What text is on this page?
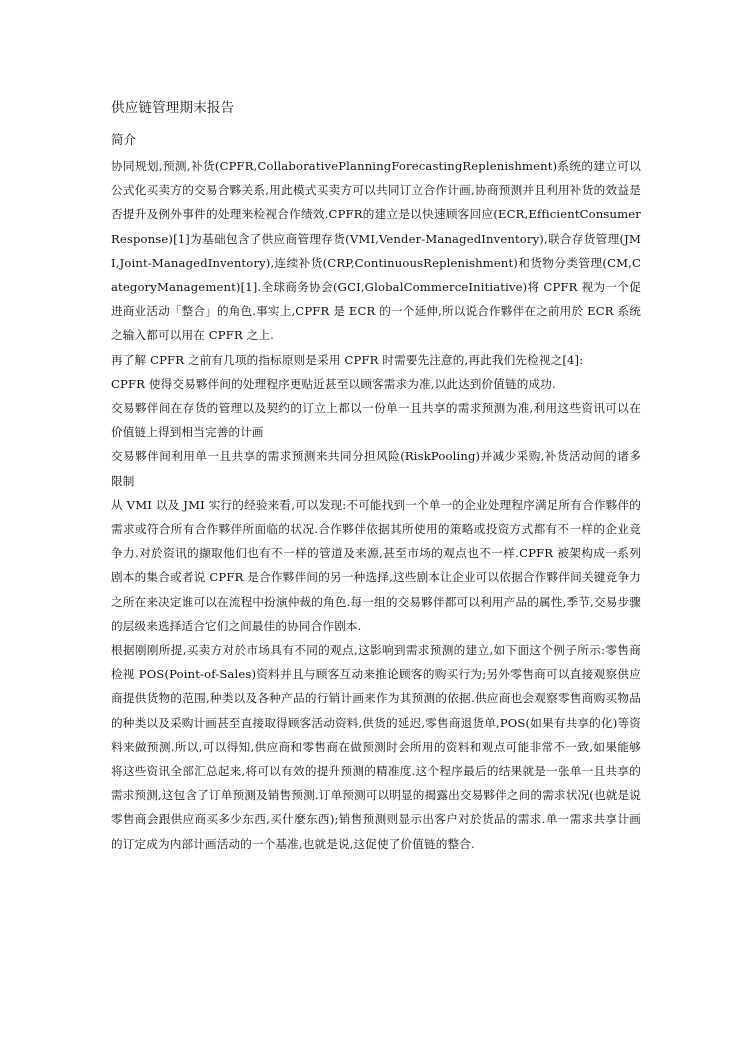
供应链管理期末报告
简介

协同规划,预测,补货(CPFR,CollaborativePlanningForecastingReplenishment)系统的建立可以公式化买卖方的交易合夥关系,用此模式买卖方可以共同订立合作计画,协商预测并且利用补货的效益是否提升及例外事件的处理来检视合作绩效.CPFR的建立是以快速顾客回应(ECR,EfficientConsumerResponse)[1]为基础包含了供应商管理存货(VMI,Vender-ManagedInventory),联合存货管理(JMI,Joint-ManagedInventory),连续补货(CRP,ContinuousReplenishment)和货物分类管理(CM,CategoryManagement)[1].全球商务协会(GCI,GlobalCommerceInitiative)将 CPFR 视为一个促进商业活动「整合」的角色.事实上,CPFR 是 ECR 的一个延伸,所以说合作夥伴在之前用於 ECR 系统之输入都可以用在 CPFR 之上.

再了解 CPFR 之前有几项的指标原则是采用 CPFR 时需要先注意的,再此我们先检视之[4]:

CPFR 使得交易夥伴间的处理程序更贴近甚至以顾客需求为准,以此达到价值链的成功.

交易夥伴间在存货的管理以及契约的订立上都以一份单一且共享的需求预测为准,利用这些资讯可以在价值链上得到相当完善的计画

交易夥伴间利用单一且共享的需求预测来共同分担风险(RiskPooling)并减少采购,补货活动间的诸多限制

从 VMI 以及 JMI 实行的经验来看,可以发现:不可能找到一个单一的企业处理程序满足所有合作夥伴的需求或符合所有合作夥伴所面临的状况.合作夥伴依据其所使用的策略或投资方式都有不一样的企业竞争力.对於资讯的撷取他们也有不一样的管道及来源,甚至市场的观点也不一样.CPFR 被架构成一系列剧本的集合或者说 CPFR 是合作夥伴间的另一种选择,这些剧本让企业可以依据合作夥伴间关键竞争力之所在来决定谁可以在流程中扮演仲裁的角色.每一组的交易夥伴都可以利用产品的属性,季节,交易步骤的层级来选择适合它们之间最佳的协同合作剧本.

根据刚刚所提,买卖方对於市场具有不同的观点,这影响到需求预测的建立,如下面这个例子所示:零售商检视 POS(Point-of-Sales)资料并且与顾客互动来推论顾客的购买行为;另外零售商可以直接观察供应商提供货物的范围,种类以及各种产品的行销计画来作为其预测的依据.供应商也会观察零售商购买物品的种类以及采购计画甚至直接取得顾客活动资料,供货的延迟,零售商退货单,POS(如果有共享的化)等资料来做预测.所以,可以得知,供应商和零售商在做预测时会所用的资料和观点可能非常不一致,如果能够将这些资讯全部汇总起来,将可以有效的提升预测的精准度.这个程序最后的结果就是一张单一且共享的需求预测,这包含了订单预测及销售预测.订单预测可以明显的揭露出交易夥伴之间的需求状况(也就是说零售商会跟供应商买多少东西,买什麼东西);销售预测则显示出客户对於货品的需求.单一需求共享计画的订定成为内部计画活动的一个基准,也就是说,这促使了价值链的整合.
